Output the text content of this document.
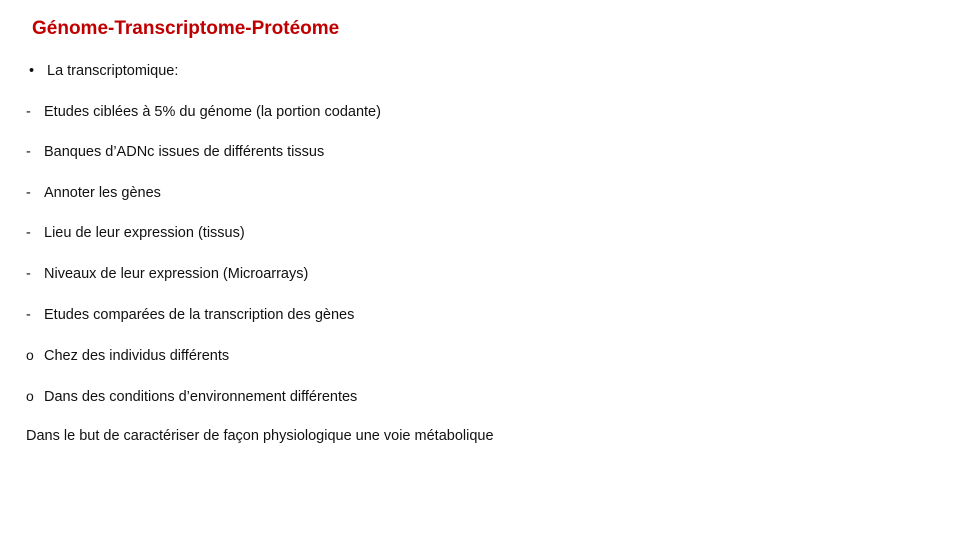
Génome-Transcriptome-Protéome
• La transcriptomique:
- Etudes ciblées à 5% du génome (la portion codante)
- Banques d’ADNc issues de différents tissus
- Annoter les gènes
- Lieu de leur expression (tissus)
- Niveaux de leur expression (Microarrays)
- Etudes comparées de la transcription des gènes
o Chez des individus différents
o Dans des conditions d’environnement différentes
Dans le but de caractériser de façon physiologique une voie métabolique
